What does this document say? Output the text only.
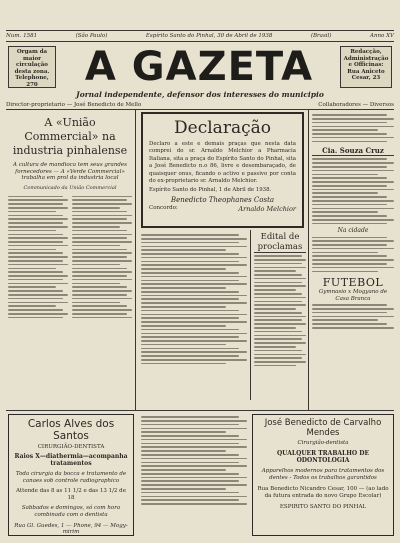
Num. 1581	(São Paulo)	Espírito Santo do Pinhal, 30 de Abril de 1938	(Brasil)	Anno XV
Orgam da maior circulação desta zona. Telephone, 270
Redacção, Administração e Officinas: Rua Aniceto Cesar, 23
A GAZETA
Jornal independente, defensor dos interesses do municipio
Director-proprietario — José Benedicto de Mello	Collaboradores — Diversos
A «União Commercial» na industria pinhalense
A cultura de mandioca tem seus grandes fornecedores — A «Verde Commercial» trabalha em prol da industria local
Communicado da União Commercial
Declaração
Declaro a este e demais praças que nesta data comprei do sr. Arnaldo Melchior a Pharmacia Italiana, sita a praça do Espírito Santo do Pinhal, sita a José Benedicto n.o 86, livre e desembaraçado, de quaisquer onus, ficando o activo e passivo por conta do ex-proprietario sr. Arnaldo Melchior.
Espírito Santo do Pinhal, 1 de Abril de 1938.
Benedicto Theophanes Costa
Concordo:	Arnaldo Melchior
Edital de proclamas
Cia. Souza Cruz
Na cidade
FUTEBOL
Gymnasio x Mogyano de Casa Branca
Carlos Alves dos Santos
CIRURGIÃO-DENTISTA
Raios X—diathermia—acompanha tratamentos
Toda cirurgia da bocca e tratamento de canaes sob controle radiographico
Attende das 8 as 11 1/2 e das 13 1/2 de 18
Sabbados e domingos, só com hora combinada com o dentista
Rua Gl. Guedes, 1 — Phone, 94 — Mogy-mirim
José Benedicto de Carvalho Mendes
Cirurgião-dentista
QUALQUER TRABALHO DE ODONTOLOGIA
Apparelhos modernos para tratamentos dos dentes - Todos os trabalhos garantidos
Rua Benedicto Nicandro Cesar, 100 — (ao lado da futura entrada do novo Grupo Escolar)
ESPIRITO SANTO DO PINHAL
